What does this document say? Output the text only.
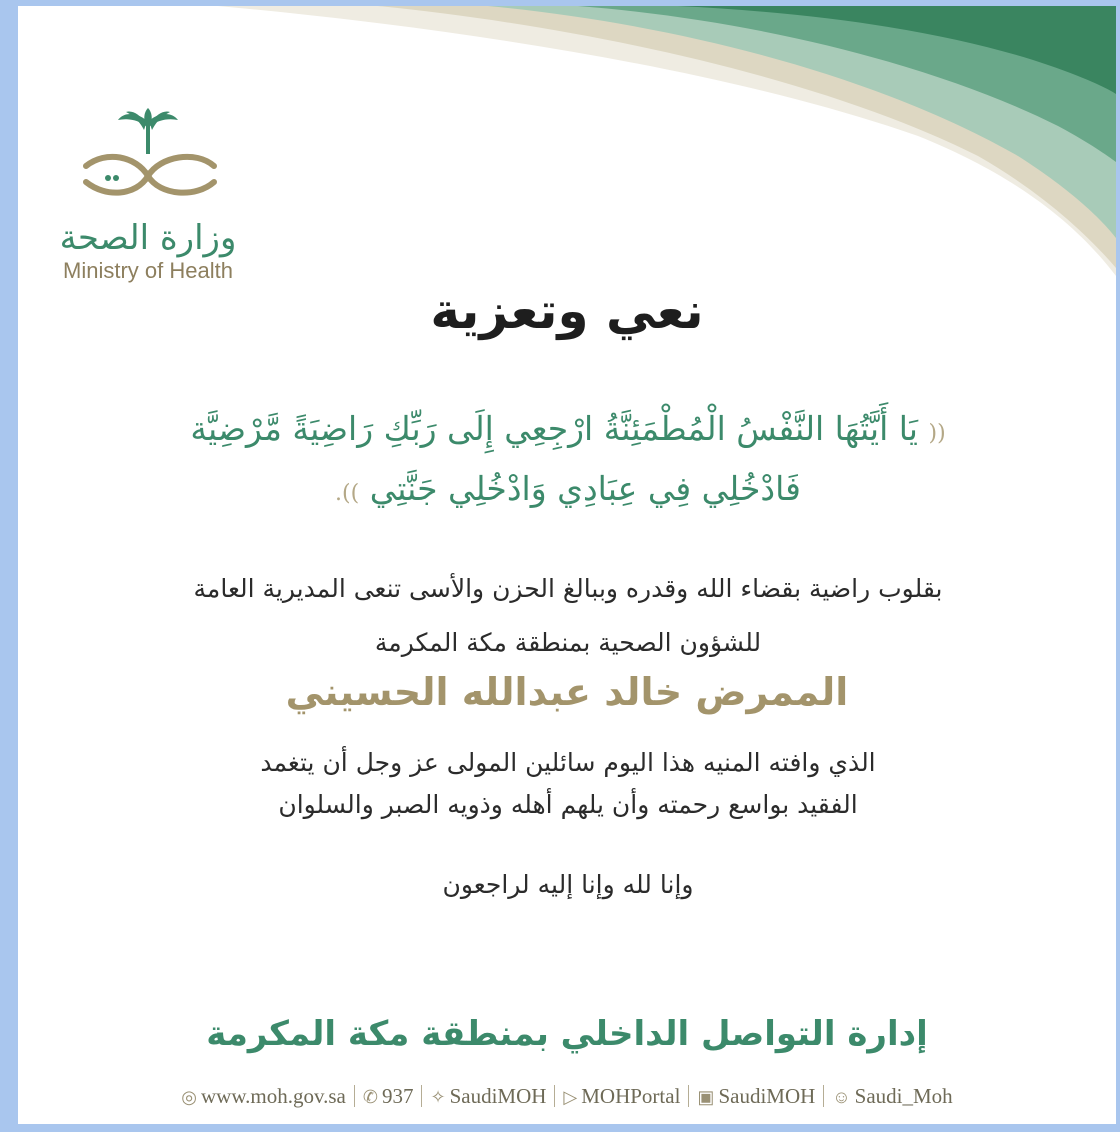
وزارة الصحة
Ministry of Health
نعي وتعزية
(( يَا أَيَّتُهَا النَّفْسُ الْمُطْمَئِنَّةُ ارْجِعِي إِلَى رَبِّكِ رَاضِيَةً مَّرْضِيَّة
فَادْخُلِي فِي عِبَادِي وَادْخُلِي جَنَّتِي )).
بقلوب راضية بقضاء الله وقدره وببالغ الحزن والأسى تنعى المديرية العامة
للشؤون الصحية بمنطقة مكة المكرمة
الممرض خالد عبدالله الحسيني
الذي وافته المنيه هذا اليوم سائلين المولى عز وجل أن يتغمد
الفقيد بواسع رحمته وأن يلهم أهله وذويه الصبر والسلوان
وإنا لله وإنا إليه لراجعون
إدارة التواصل الداخلي بمنطقة مكة المكرمة
◎ www.moh.gov.sa ✆ 937 ✧ SaudiMOH ▷ MOHPortal ▣ SaudiMOH ☺ Saudi_Moh
